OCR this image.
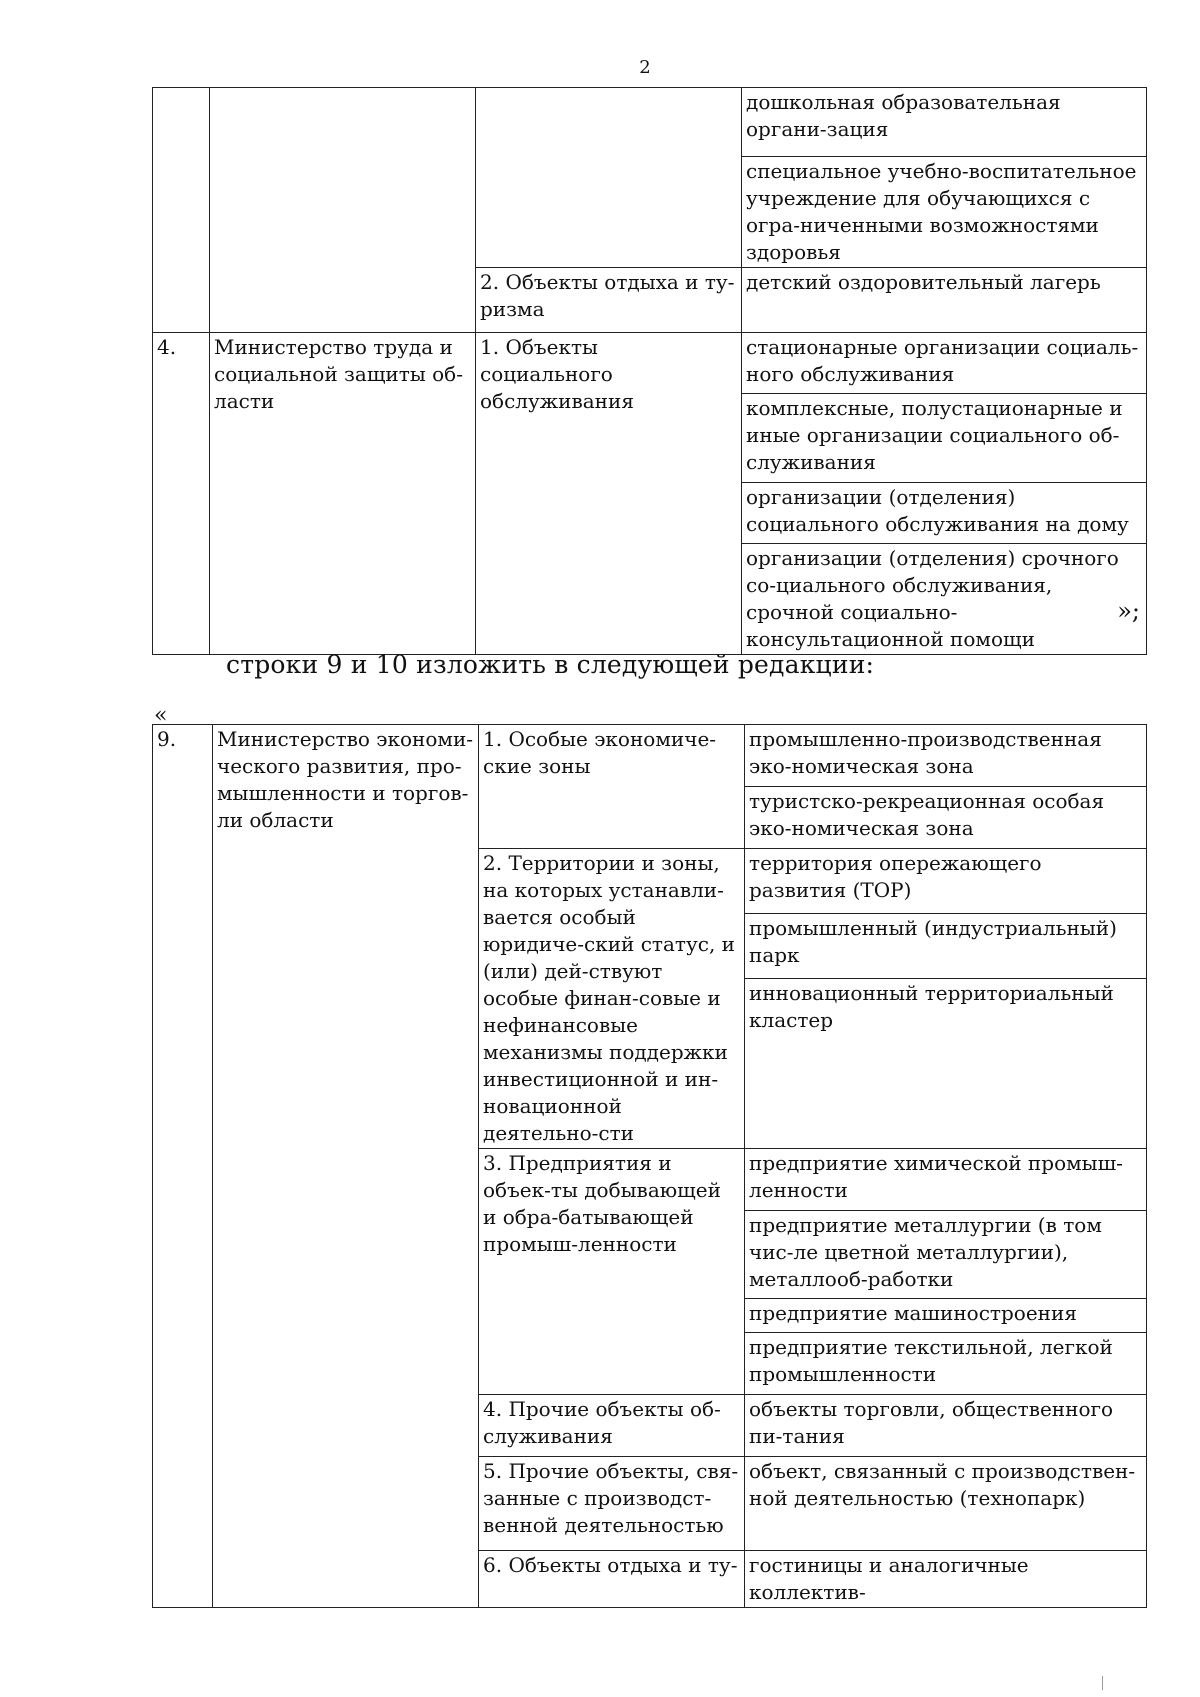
2
			дошкольная образовательная органи-зация
			специальное учебно-воспитательное учреждение для обучающихся с огра-ниченными возможностями здоровья
		2. Объекты отдыха и ту-ризма	детский оздоровительный лагерь
4.	Министерство труда и социальной защиты об-ласти	1. Объекты социального обслуживания	стационарные организации социаль-ного обслуживания
			комплексные, полустационарные и иные организации социального об-служивания
			организации (отделения) социального обслуживания на дому
			организации (отделения) срочного со-циального обслуживания, срочной социально-консультационной помощи
»;
строки 9 и 10 изложить в следующей редакции:
«
9.	Министерство экономи-ческого развития, про-мышленности и торгов-ли области	1. Особые экономиче-ские зоны	промышленно-производственная эко-номическая зона
			туристско-рекреационная особая эко-номическая зона
		2. Территории и зоны, на которых устанавли-вается особый юридиче-ский статус, и (или) дей-ствуют особые финан-совые и нефинансовые механизмы поддержки инвестиционной и ин-новационной деятельно-сти	территория опережающего развития (ТОР)
			промышленный (индустриальный) парк
			инновационный территориальный кластер
		3. Предприятия и объек-ты добывающей и обра-батывающей промыш-ленности	предприятие химической промыш-ленности
			предприятие металлургии (в том чис-ле цветной металлургии), металлооб-работки
			предприятие машиностроения
			предприятие текстильной, легкой промышленности
		4. Прочие объекты об-служивания	объекты торговли, общественного пи-тания
		5. Прочие объекты, свя-занные с производст-венной деятельностью	объект, связанный с производствен-ной деятельностью (технопарк)
		6. Объекты отдыха и ту-	гостиницы и аналогичные коллектив-
